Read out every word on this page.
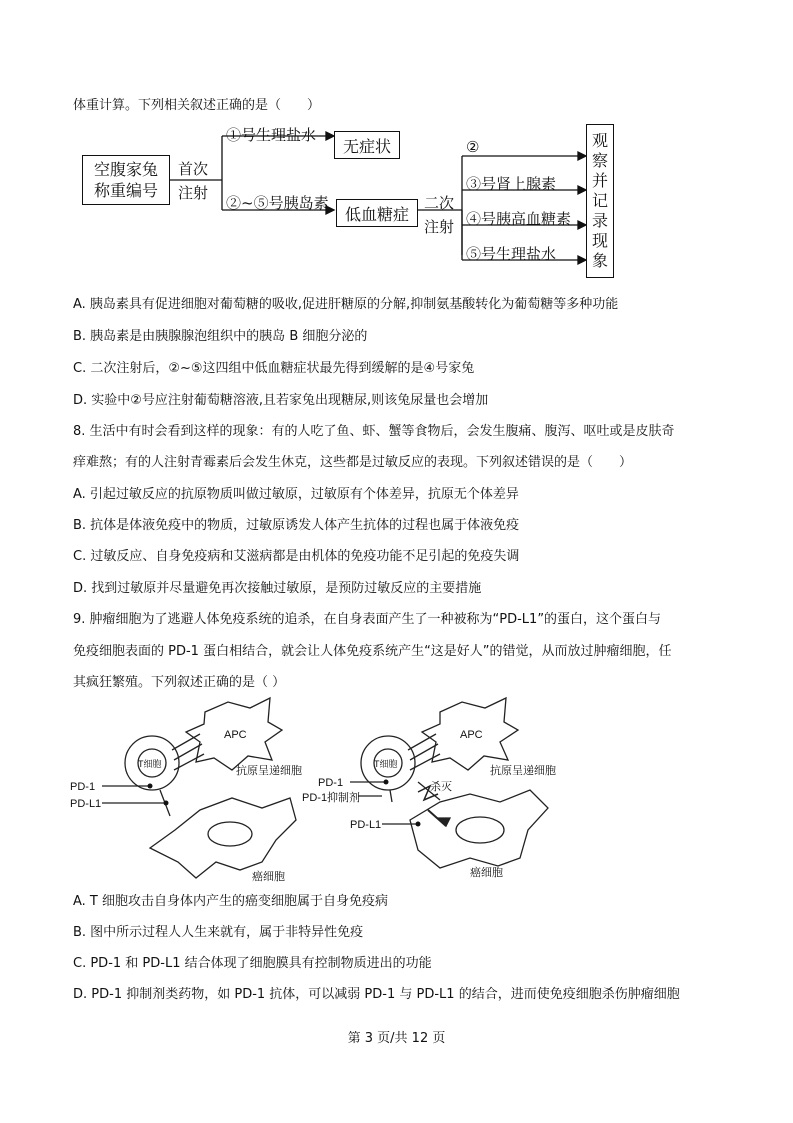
体重计算。下列相关叙述正确的是（　　）
空腹家兔
称重编号
首次
注射
①号生理盐水
无症状
②~⑤号胰岛素
低血糖症
二次
注射
②
③号肾上腺素
④号胰高血糖素
⑤号生理盐水
观
察
并
记
录
现
象
A. 胰岛素具有促进细胞对葡萄糖的吸收,促进肝糖原的分解,抑制氨基酸转化为葡萄糖等多种功能
B. 胰岛素是由胰腺腺泡组织中的胰岛 B 细胞分泌的
C. 二次注射后，②~⑤这四组中低血糖症状最先得到缓解的是④号家兔
D. 实验中②号应注射葡萄糖溶液,且若家兔出现糖尿,则该兔尿量也会增加
8. 生活中有时会看到这样的现象：有的人吃了鱼、虾、蟹等食物后，会发生腹痛、腹泻、呕吐或是皮肤奇
痒难熬；有的人注射青霉素后会发生休克，这些都是过敏反应的表现。下列叙述错误的是（　　）
A. 引起过敏反应的抗原物质叫做过敏原，过敏原有个体差异，抗原无个体差异
B. 抗体是体液免疫中的物质，过敏原诱发人体产生抗体的过程也属于体液免疫
C. 过敏反应、自身免疫病和艾滋病都是由机体的免疫功能不足引起的免疫失调
D. 找到过敏原并尽量避免再次接触过敏原，是预防过敏反应的主要措施
9. 肿瘤细胞为了逃避人体免疫系统的追杀，在自身表面产生了一种被称为“PD-L1”的蛋白，这个蛋白与
免疫细胞表面的 PD-1 蛋白相结合，就会让人体免疫系统产生“这是好人”的错觉，从而放过肿瘤细胞，任
其疯狂繁殖。下列叙述正确的是（ ）
APC
T细胞
抗原呈递细胞
PD-1
PD-L1
癌细胞
APC
T细胞
抗原呈递细胞
杀灭
PD-1
PD-1抑制剂
PD-L1
癌细胞
A. T 细胞攻击自身体内产生的癌变细胞属于自身免疫病
B. 图中所示过程人人生来就有，属于非特异性免疫
C. PD-1 和 PD-L1 结合体现了细胞膜具有控制物质进出的功能
D. PD-1 抑制剂类药物，如 PD-1 抗体，可以减弱 PD-1 与 PD-L1 的结合，进而使免疫细胞杀伤肿瘤细胞
第 3 页/共 12 页
